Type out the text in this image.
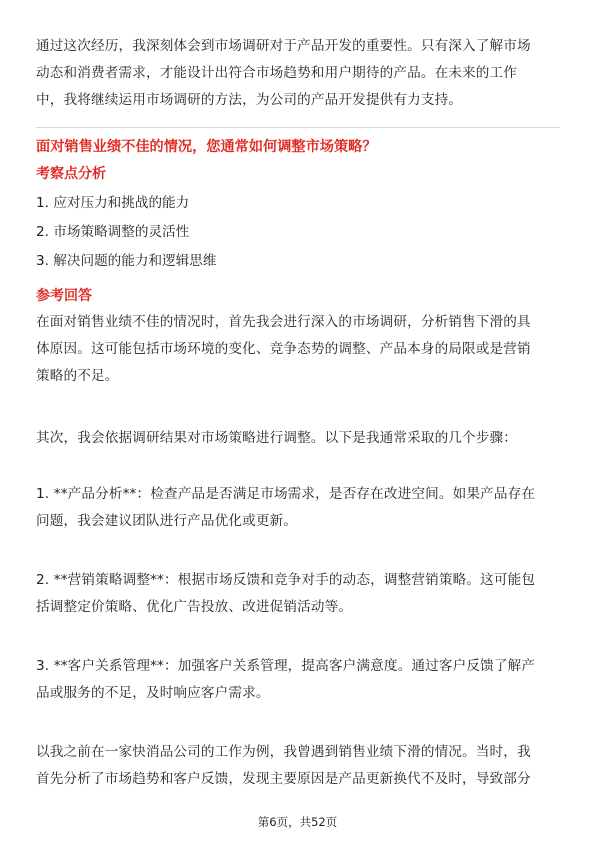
通过这次经历，我深刻体会到市场调研对于产品开发的重要性。只有深入了解市场
动态和消费者需求，才能设计出符合市场趋势和用户期待的产品。在未来的工作
中，我将继续运用市场调研的方法，为公司的产品开发提供有力支持。
面对销售业绩不佳的情况，您通常如何调整市场策略？
考察点分析
1. 应对压力和挑战的能力
2. 市场策略调整的灵活性
3. 解决问题的能力和逻辑思维
参考回答
在面对销售业绩不佳的情况时，首先我会进行深入的市场调研，分析销售下滑的具
体原因。这可能包括市场环境的变化、竞争态势的调整、产品本身的局限或是营销
策略的不足。
其次，我会依据调研结果对市场策略进行调整。以下是我通常采取的几个步骤：
1. **产品分析**：检查产品是否满足市场需求，是否存在改进空间。如果产品存在
问题，我会建议团队进行产品优化或更新。
2. **营销策略调整**：根据市场反馈和竞争对手的动态，调整营销策略。这可能包
括调整定价策略、优化广告投放、改进促销活动等。
3. **客户关系管理**：加强客户关系管理，提高客户满意度。通过客户反馈了解产
品或服务的不足，及时响应客户需求。
以我之前在一家快消品公司的工作为例，我曾遇到销售业绩下滑的情况。当时，我
首先分析了市场趋势和客户反馈，发现主要原因是产品更新换代不及时，导致部分
第6页，共52页
